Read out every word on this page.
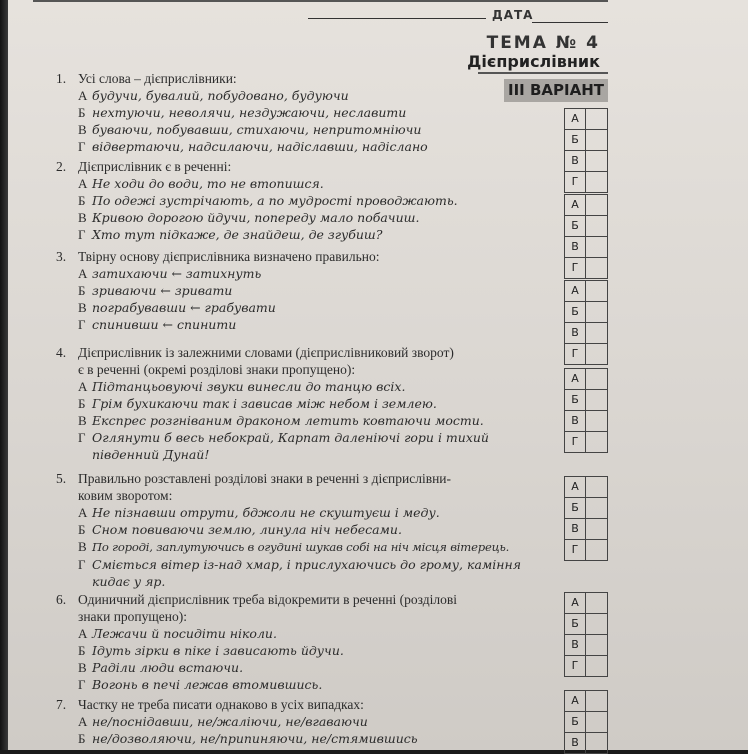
ДАТА
ТЕМА № 4
Дієприслівник
ІІІ ВАРІАНТ
1. Усі слова – дієприслівники:
А будучи, бувалий, побудовано, будуючи
Б нехтуючи, неволячи, нездужаючи, неславити
В буваючи, побувавши, стихаючи, непритомніючи
Г відвертаючи, надсилаючи, надіславши, надіслано
А
Б
В
Г
2. Дієприслівник є в реченні:
А Не ходи до води, то не втопишся.
Б По одежі зустрічають, а по мудрості проводжають.
В Кривою дорогою йдучи, попереду мало побачиш.
Г Хто тут підкаже, де знайдеш, де згубиш?
А
Б
В
Г
3. Твірну основу дієприслівника визначено правильно:
А затихаючи ← затихнуть
Б зриваючи ← зривати
В пограбувавши ← грабувати
Г спинивши ← спинити
А
Б
В
Г
4. Дієприслівник із залежними словами (дієприслівниковий зворот)
є в реченні (окремі розділові знаки пропущено):
А Підтанцьовуючі звуки винесли до танцю всіх.
Б Грім бухикаючи так і зависав між небом і землею.
В Експрес розгніваним драконом летить ковтаючи мости.
Г Оглянути б весь небокрай, Карпат даленіючі гори і тихий
південний Дунай!
А
Б
В
Г
5. Правильно розставлені розділові знаки в реченні з дієприслівни-
ковим зворотом:
А Не пізнавши отрути, бджоли не скуштуєш і меду.
Б Сном повиваючи землю, линула ніч небесами.
В По городі, заплутуючись в огудині шукав собі на ніч місця вітерець.
Г Сміється вітер із-над хмар, і прислухаючись до грому, каміння
кидає у яр.
А
Б
В
Г
6. Одиничний дієприслівник треба відокремити в реченні (розділові
знаки пропущено):
А Лежачи й посидіти ніколи.
Б Ідуть зірки в піке і зависають йдучи.
В Раділи люди встаючи.
Г Вогонь в печі лежав втомившись.
А
Б
В
Г
7. Частку не треба писати однаково в усіх випадках:
А не/поснідавши, не/жаліючи, не/вгаваючи
Б не/дозволяючи, не/припиняючи, не/стямившись
А
Б
В
